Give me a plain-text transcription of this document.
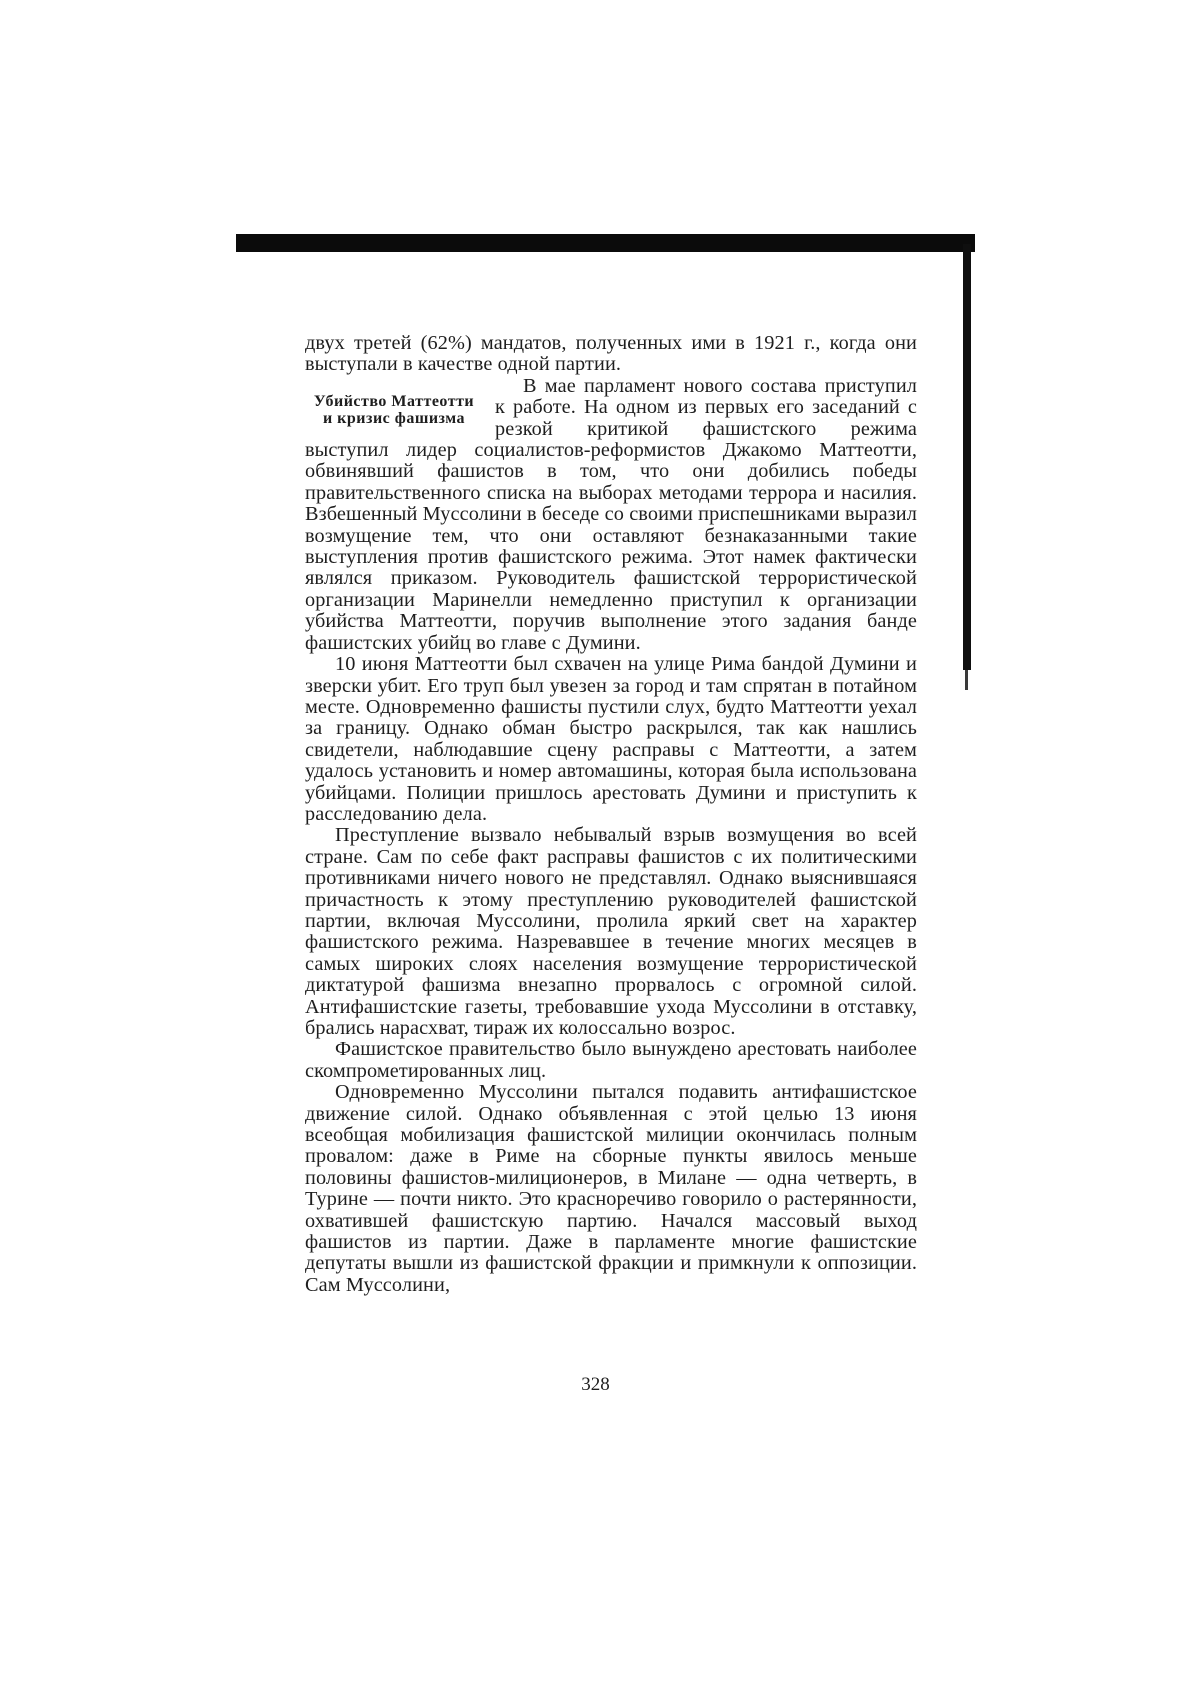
двух третей (62%) мандатов, полученных ими в 1921 г., когда они выступали в качестве одной партии.

Убийство Маттеотти
и кризис фашизма

В мае парламент нового состава приступил к работе. На одном из первых его заседаний с резкой критикой фашистского режима выступил лидер социалистов-реформистов Джакомо Маттеотти, обвинявший фашистов в том, что они добились победы правительственного списка на выборах методами террора и насилия. Взбешенный Муссолини в беседе со своими приспешниками выразил возмущение тем, что они оставляют безнаказанными такие выступления против фашистского режима. Этот намек фактически являлся приказом. Руководитель фашистской террористической организации Маринелли немедленно приступил к организации убийства Маттеотти, поручив выполнение этого задания банде фашистских убийц во главе с Думини.

10 июня Маттеотти был схвачен на улице Рима бандой Думини и зверски убит. Его труп был увезен за город и там спрятан в потайном месте. Одновременно фашисты пустили слух, будто Маттеотти уехал за границу. Однако обман быстро раскрылся, так как нашлись свидетели, наблюдавшие сцену расправы с Маттеотти, а затем удалось установить и номер автомашины, которая была использована убийцами. Полиции пришлось арестовать Думини и приступить к расследованию дела.

Преступление вызвало небывалый взрыв возмущения во всей стране. Сам по себе факт расправы фашистов с их политическими противниками ничего нового не представлял. Однако выяснившаяся причастность к этому преступлению руководителей фашистской партии, включая Муссолини, пролила яркий свет на характер фашистского режима. Назревавшее в течение многих месяцев в самых широких слоях населения возмущение террористической диктатурой фашизма внезапно прорвалось с огромной силой. Антифашистские газеты, требовавшие ухода Муссолини в отставку, брались нарасхват, тираж их колоссально возрос.

Фашистское правительство было вынуждено арестовать наиболее скомпрометированных лиц.

Одновременно Муссолини пытался подавить антифашистское движение силой. Однако объявленная с этой целью 13 июня всеобщая мобилизация фашистской милиции окончилась полным провалом: даже в Риме на сборные пункты явилось меньше половины фашистов-милиционеров, в Милане — одна четверть, в Турине — почти никто. Это красноречиво говорило о растерянности, охватившей фашистскую партию. Начался массовый выход фашистов из партии. Даже в парламенте многие фашистские депутаты вышли из фашистской фракции и примкнули к оппозиции. Сам Муссолини,

328
